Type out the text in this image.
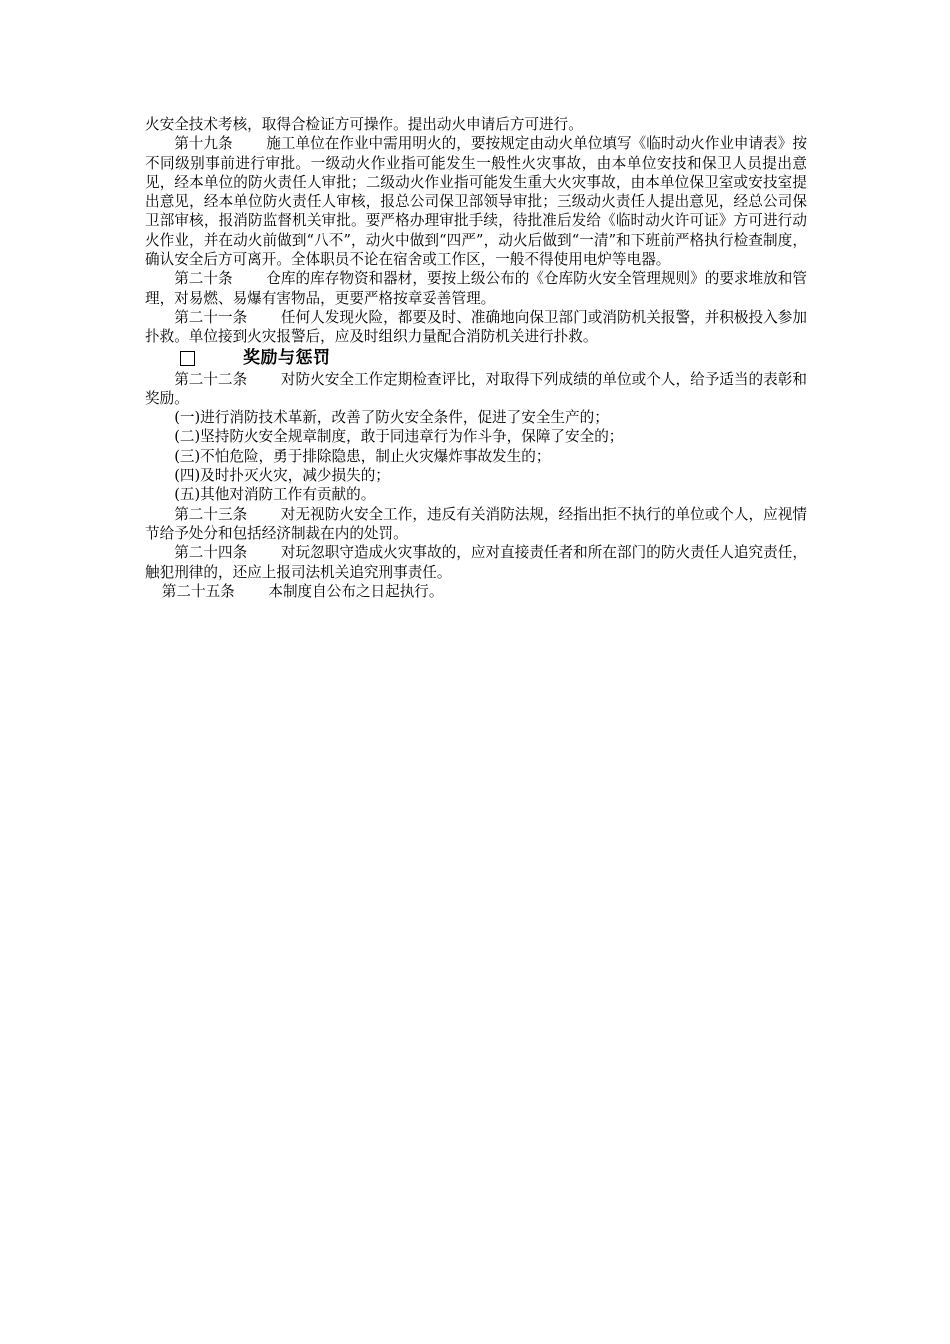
火安全技术考核，取得合检证方可操作。提出动火申请后方可进行。

第十九条 施工单位在作业中需用明火的，要按规定由动火单位填写《临时动火作业申请表》按不同级别事前进行审批。一级动火作业指可能发生一般性火灾事故，由本单位安技和保卫人员提出意见，经本单位的防火责任人审批；二级动火作业指可能发生重大火灾事故，由本单位保卫室或安技室提出意见，经本单位防火责任人审核，报总公司保卫部领导审批；三级动火责任人提出意见，经总公司保卫部审核，报消防监督机关审批。要严格办理审批手续，待批准后发给《临时动火许可证》方可进行动火作业，并在动火前做到“八不”，动火中做到“四严”，动火后做到“一清”和下班前严格执行检查制度，确认安全后方可离开。全体职员不论在宿舍或工作区，一般不得使用电炉等电器。

第二十条 仓库的库存物资和器材，要按上级公布的《仓库防火安全管理规则》的要求堆放和管理，对易燃、易爆有害物品，更要严格按章妥善管理。

第二十一条 任何人发现火险，都要及时、准确地向保卫部门或消防机关报警，并积极投入参加扑救。单位接到火灾报警后，应及时组织力量配合消防机关进行扑救。

奖励与惩罚

第二十二条 对防火安全工作定期检查评比，对取得下列成绩的单位或个人，给予适当的表彰和奖励。

(一)进行消防技术革新，改善了防火安全条件，促进了安全生产的；

(二)坚持防火安全规章制度，敢于同违章行为作斗争，保障了安全的；

(三)不怕危险，勇于排除隐患，制止火灾爆炸事故发生的；

(四)及时扑灭火灾，减少损失的；

(五)其他对消防工作有贡献的。

第二十三条 对无视防火安全工作，违反有关消防法规，经指出拒不执行的单位或个人，应视情节给予处分和包括经济制裁在内的处罚。

第二十四条 对玩忽职守造成火灾事故的，应对直接责任者和所在部门的防火责任人追究责任，触犯刑律的，还应上报司法机关追究刑事责任。

第二十五条 本制度自公布之日起执行。
